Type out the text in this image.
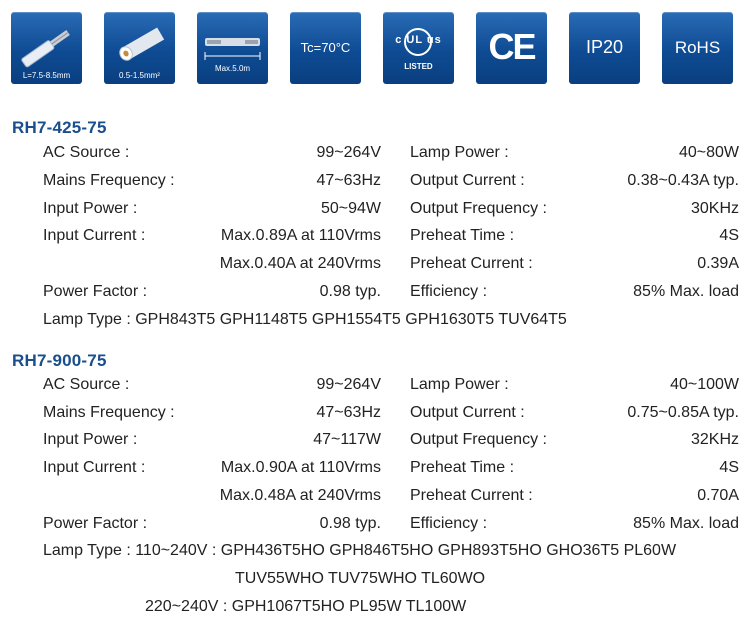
L=7.5-8.5mm	0.5-1.5mm²
Max.5.0m
Tc=70°C	c UL us
LISTED	CE	IP20	RoHS
RH7-425-75
AC Source :	99~264V Lamp Power :	40~80W
Mains Frequency :	47~63Hz Output Current :	0.38~0.43A typ.
Input Power :	50~94W Output Frequency :	30KHz
Input Current :	Max.0.89A at 110Vrms Preheat Time :	4S
Max.0.40A at 240Vrms Preheat Current :	0.39A
Power Factor :	0.98 typ. Efficiency :	85% Max. load
Lamp Type : GPH843T5 GPH1148T5 GPH1554T5 GPH1630T5 TUV64T5
RH7-900-75
AC Source :	99~264V Lamp Power :	40~100W
Mains Frequency :	47~63Hz Output Current :	0.75~0.85A typ.
Input Power :	47~117W Output Frequency :	32KHz
Input Current :	Max.0.90A at 110Vrms Preheat Time :	4S
Max.0.48A at 240Vrms Preheat Current :	0.70A
Power Factor :	0.98 typ. Efficiency :	85% Max. load
Lamp Type : 110~240V : GPH436T5HO GPH846T5HO GPH893T5HO GHO36T5 PL60W
TUV55WHO TUV75WHO TL60WO
220~240V : GPH1067T5HO PL95W TL100W
